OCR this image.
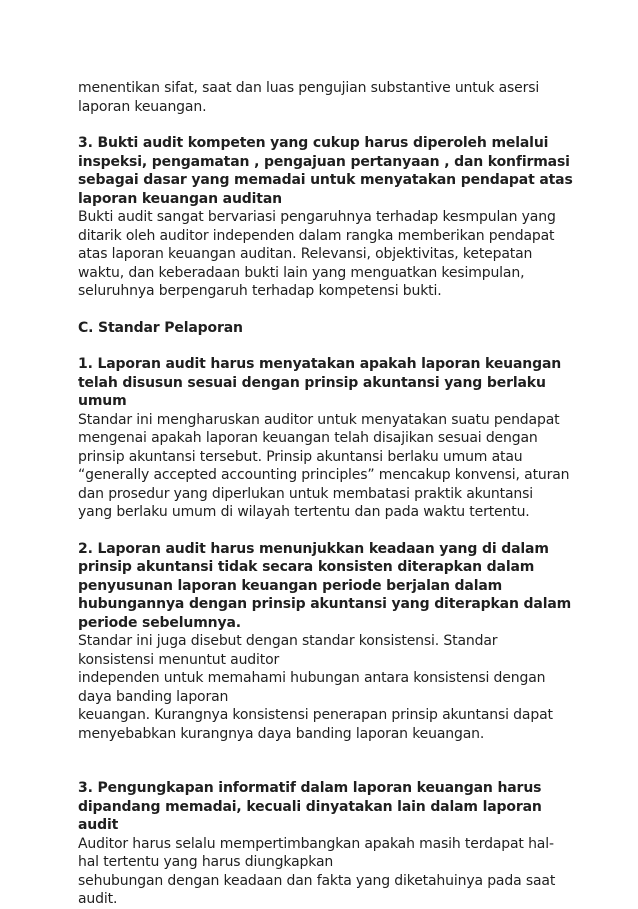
menentikan sifat, saat dan luas pengujian substantive untuk asersi
laporan keuangan.
3. Bukti audit kompeten yang cukup harus diperoleh melalui
inspeksi, pengamatan , pengajuan pertanyaan , dan konfirmasi
sebagai dasar yang memadai untuk menyatakan pendapat atas
laporan keuangan auditan
Bukti audit sangat bervariasi pengaruhnya terhadap kesmpulan yang
ditarik oleh auditor independen dalam rangka memberikan pendapat
atas laporan keuangan auditan. Relevansi, objektivitas, ketepatan
waktu, dan keberadaan bukti lain yang menguatkan kesimpulan,
seluruhnya berpengaruh terhadap kompetensi bukti.
C. Standar Pelaporan
1. Laporan audit harus menyatakan apakah laporan keuangan
telah disusun sesuai dengan prinsip akuntansi yang berlaku
umum
Standar ini mengharuskan auditor untuk menyatakan suatu pendapat
mengenai apakah laporan keuangan telah disajikan sesuai dengan
prinsip akuntansi tersebut. Prinsip akuntansi berlaku umum atau
“generally accepted accounting principles” mencakup konvensi, aturan
dan prosedur yang diperlukan untuk membatasi praktik akuntansi
yang berlaku umum di wilayah tertentu dan pada waktu tertentu.
2. Laporan audit harus menunjukkan keadaan yang di dalam
prinsip akuntansi tidak secara konsisten diterapkan dalam
penyusunan laporan keuangan periode berjalan dalam
hubungannya dengan prinsip akuntansi yang diterapkan dalam
periode sebelumnya.
Standar ini juga disebut dengan standar konsistensi. Standar
konsistensi menuntut auditor
independen untuk memahami hubungan antara konsistensi dengan
daya banding laporan
keuangan. Kurangnya konsistensi penerapan prinsip akuntansi dapat
menyebabkan kurangnya daya banding laporan keuangan.
3. Pengungkapan informatif dalam laporan keuangan harus
dipandang memadai, kecuali dinyatakan lain dalam laporan
audit
Auditor harus selalu mempertimbangkan apakah masih terdapat hal-
hal tertentu yang harus diungkapkan
sehubungan dengan keadaan dan fakta yang diketahuinya pada saat
audit.
